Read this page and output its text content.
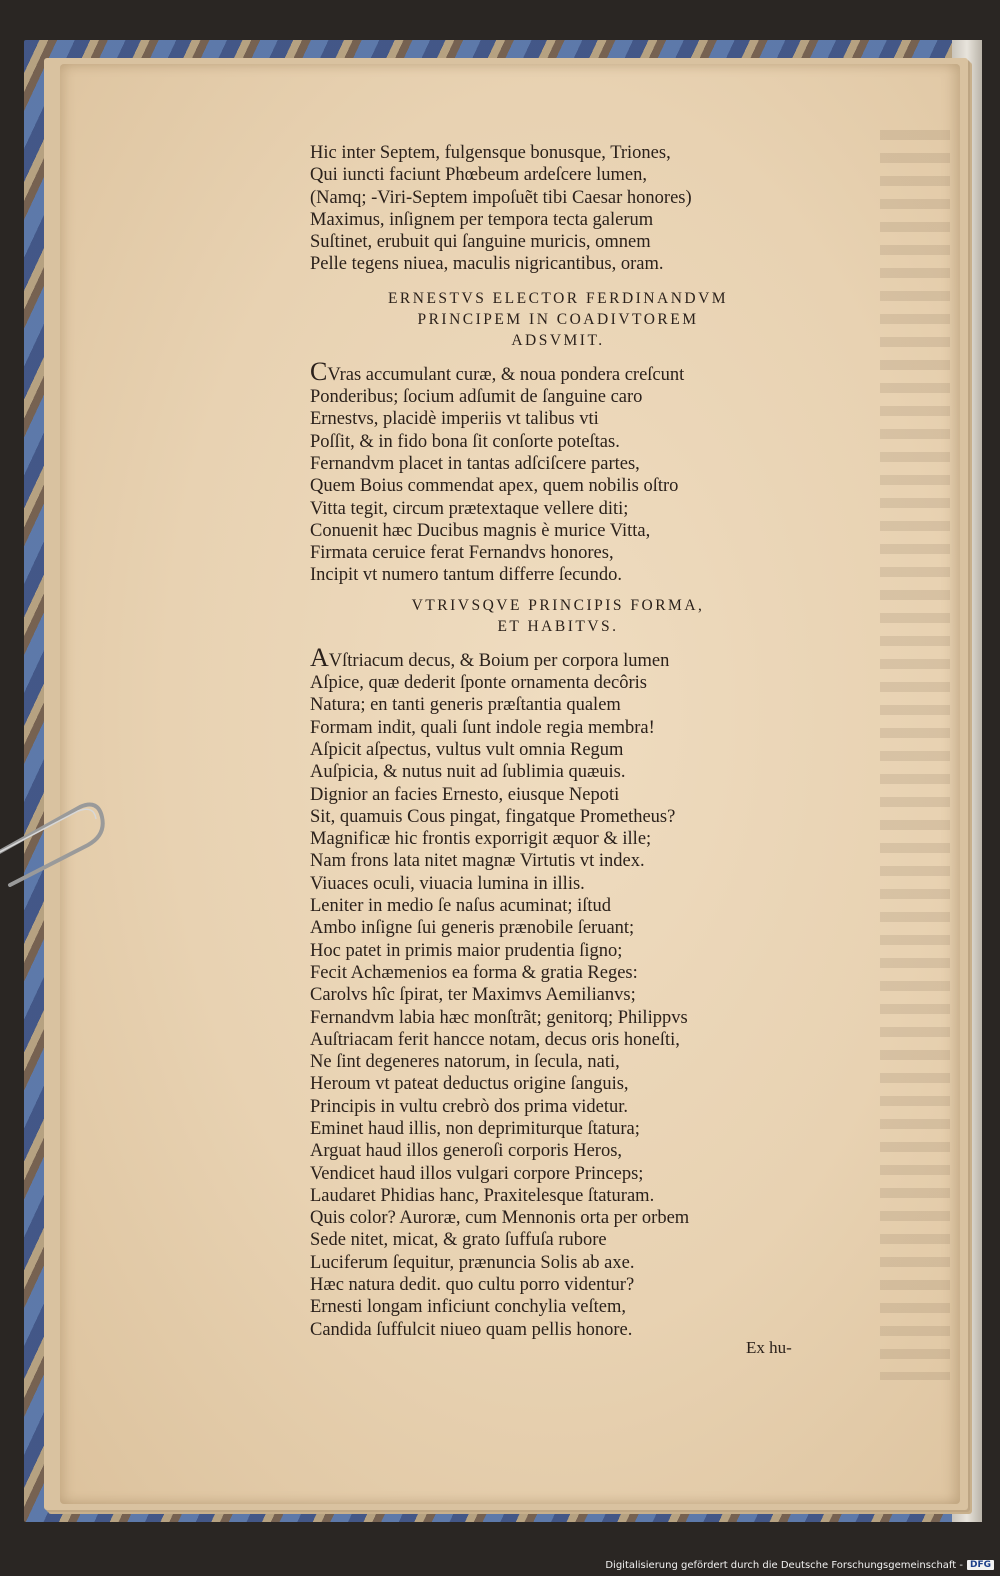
Hic inter Septem, fulgensque bonusque, Triones,
Qui iuncti faciunt Phœbeum ardeſcere lumen,
(Namq; -Viri-Septem impoſuẽt tibi Caesar honores)
Maximus, inſignem per tempora tecta galerum
Suſtinet, erubuit qui ſanguine muricis, omnem
Pelle tegens niuea, maculis nigricantibus, oram.
ERNESTVS ELECTOR FERDINANDVM
PRINCIPEM IN COADIVTOREM
ADSVMIT.
CVras accumulant curæ, & noua pondera creſcunt
Ponderibus; ſocium adſumit de ſanguine caro
Ernestvs, placidè imperiis vt talibus vti
Poſſit, & in fido bona ſit conſorte poteſtas.
Fernandvm placet in tantas adſciſcere partes,
Quem Boius commendat apex, quem nobilis oſtro
Vitta tegit, circum prætextaque vellere diti;
Conuenit hæc Ducibus magnis è murice Vitta,
Firmata ceruice ferat Fernandvs honores,
Incipit vt numero tantum differre ſecundo.
VTRIVSQVE PRINCIPIS FORMA,
ET HABITVS.
AVſtriacum decus, & Boium per corpora lumen
Aſpice, quæ dederit ſponte ornamenta decôris
Natura; en tanti generis præſtantia qualem
Formam indit, quali ſunt indole regia membra!
Aſpicit aſpectus, vultus vult omnia Regum
Auſpicia, & nutus nuit ad ſublimia quæuis.
Dignior an facies Ernesto, eiusque Nepoti
Sit, quamuis Cous pingat, fingatque Prometheus?
Magnificæ hic frontis exporrigit æquor & ille;
Nam frons lata nitet magnæ Virtutis vt index.
Viuaces oculi, viuacia lumina in illis.
Leniter in medio ſe naſus acuminat; iſtud
Ambo inſigne ſui generis prænobile ſeruant;
Hoc patet in primis maior prudentia ſigno;
Fecit Achæmenios ea forma & gratia Reges:
Carolvs hîc ſpirat, ter Maximvs Aemilianvs;
Fernandvm labia hæc monſtrãt; genitorq; Philippvs
Auſtriacam ferit hancce notam, decus oris honeſti,
Ne ſint degeneres natorum, in ſecula, nati,
Heroum vt pateat deductus origine ſanguis,
Principis in vultu crebrò dos prima videtur.
Eminet haud illis, non deprimiturque ſtatura;
Arguat haud illos generoſi corporis Heros,
Vendicet haud illos vulgari corpore Princeps;
Laudaret Phidias hanc, Praxitelesque ſtaturam.
Quis color? Auroræ, cum Mennonis orta per orbem
Sede nitet, micat, & grato ſuffuſa rubore
Luciferum ſequitur, prænuncia Solis ab axe.
Hæc natura dedit. quo cultu porro videntur?
Ernesti longam inficiunt conchylia veſtem,
Candida ſuffulcit niueo quam pellis honore.
Ex hu-
Digitalisierung gefördert durch die Deutsche Forschungsgemeinschaft - DFG
